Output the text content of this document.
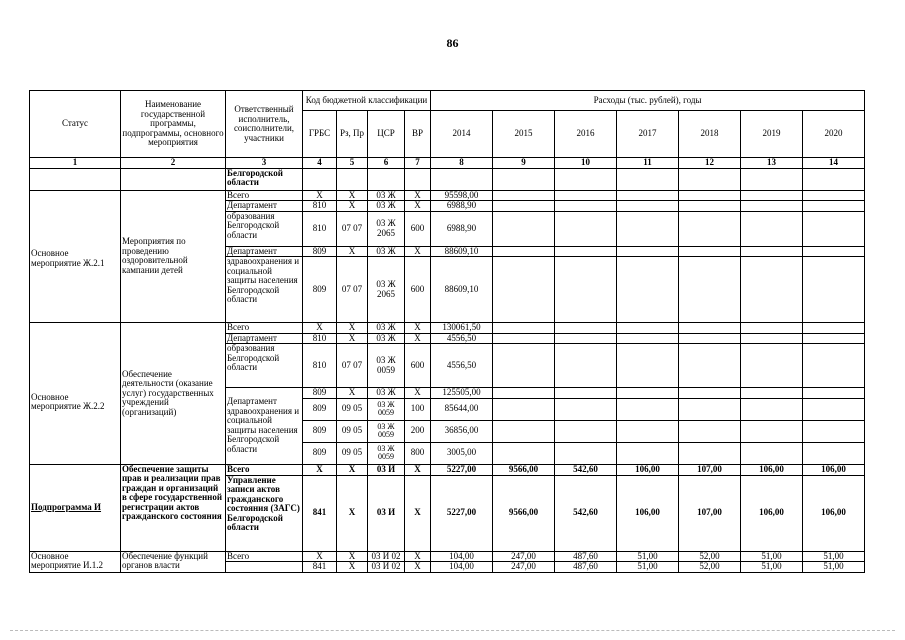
86
Статус	Наименование государственной программы, подпрограммы, основного мероприятия	Ответственный исполнитель, соисполнители, участники	Код бюджетной классификации				Расходы (тыс. рублей), годы						
			ГРБС	Рз, Пр	ЦСР	ВР	2014	2015	2016	2017	2018	2019	2020
1	2	3	4	5	6	7	8	9	10	11	12	13	14
		Белгородской области											
Основное мероприятие Ж.2.1	Мероприятия по проведению оздоровительной кампании детей	Всего	Х	Х	03 Ж	Х	95598,00						
		Департамент	810	Х	03 Ж	Х	6988,90						
		образования Белгородской области	810	07 07	03 Ж 2065	600	6988,90						
		Департамент	809	Х	03 Ж	Х	88609,10						
		здравоохранения и социальной защиты населения Белгородской области	809	07 07	03 Ж 2065	600	88609,10						
Основное мероприятие Ж.2.2	Обеспечение деятельности (оказание услуг) государственных учреждений (организаций)	Всего	Х	Х	03 Ж	Х	130061,50						
		Департамент	810	Х	03 Ж	Х	4556,50						
		образования Белгородской области	810	07 07	03 Ж 0059	600	4556,50						
		Департамент здравоохранения и социальной защиты населения Белгородской области	809	Х	03 Ж	Х	125505,00						
			809	09 05	03 Ж 0059	100	85644,00						
			809	09 05	03 Ж 0059	200	36856,00						
			809	09 05	03 Ж 0059	800	3005,00						
Подпрограмма И	Обеспечение защиты прав и реализации прав граждан и организаций в сфере государственной регистрации актов гражданского состояния	Всего	Х	Х	03 И	Х	5227,00	9566,00	542,60	106,00	107,00	106,00	106,00
		Управление записи актов гражданского состояния (ЗАГС) Белгородской области	841	Х	03 И	Х	5227,00	9566,00	542,60	106,00	107,00	106,00	106,00
Основное мероприятие И.1.2	Обеспечение функций органов власти	Всего	Х	Х	03 И 02	Х	104,00	247,00	487,60	51,00	52,00	51,00	51,00
			841	Х	03 И 02	Х	104,00	247,00	487,60	51,00	52,00	51,00	51,00
